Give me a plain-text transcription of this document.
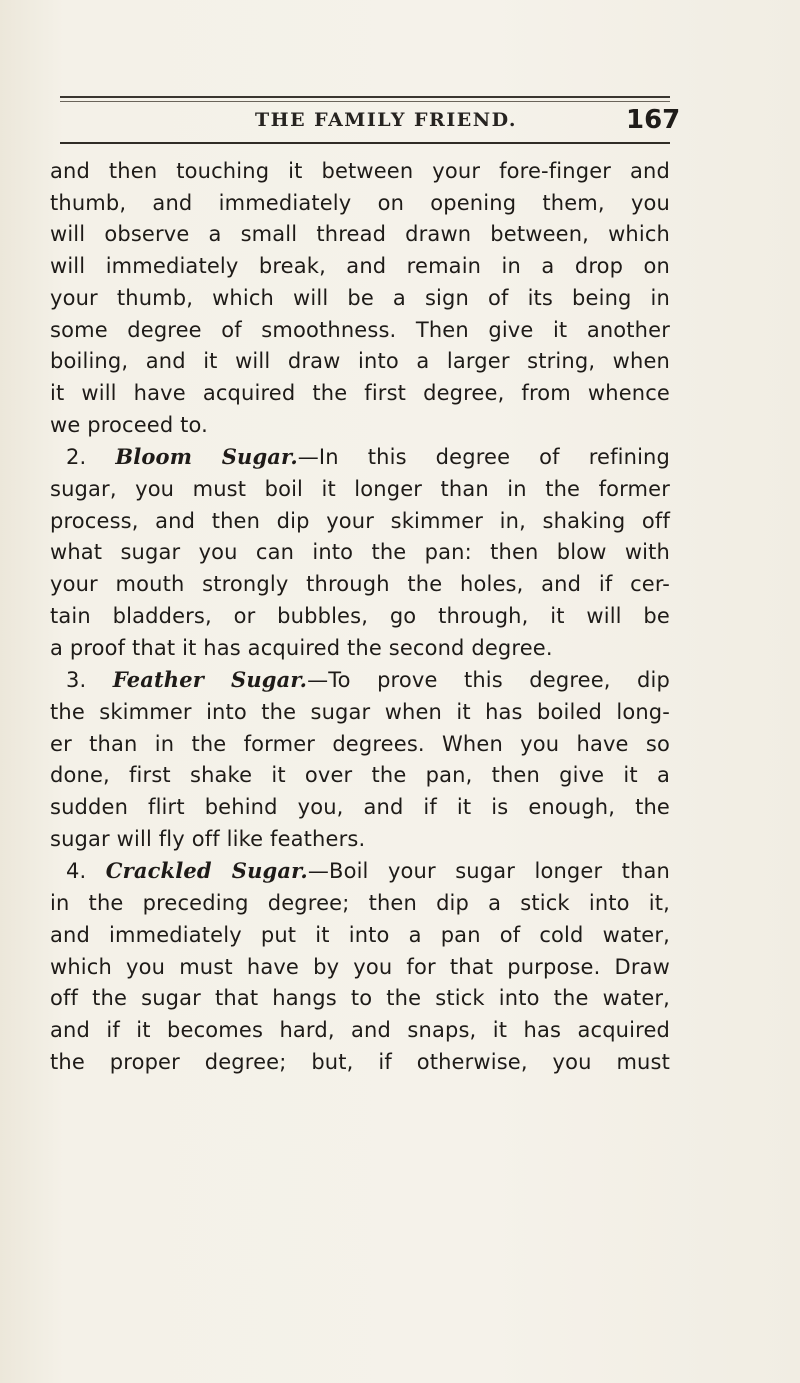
THE FAMILY FRIEND.	167

and then touching it between your fore-finger and

thumb, and immediately on opening them, you

will observe a small thread drawn between, which

will immediately break, and remain in a drop on

your thumb, which will be a sign of its being in

some degree of smoothness. Then give it another

boiling, and it will draw into a larger string, when

it will have acquired the first degree, from whence

we proceed to.

2. Bloom Sugar.—In this degree of refining

sugar, you must boil it longer than in the former

process, and then dip your skimmer in, shaking off

what sugar you can into the pan: then blow with

your mouth strongly through the holes, and if cer-

tain bladders, or bubbles, go through, it will be

a proof that it has acquired the second degree.

3. Feather Sugar.—To prove this degree, dip

the skimmer into the sugar when it has boiled long-

er than in the former degrees. When you have so

done, first shake it over the pan, then give it a

sudden flirt behind you, and if it is enough, the

sugar will fly off like feathers.

4. Crackled Sugar.—Boil your sugar longer than

in the preceding degree; then dip a stick into it,

and immediately put it into a pan of cold water,

which you must have by you for that purpose. Draw

off the sugar that hangs to the stick into the water,

and if it becomes hard, and snaps, it has acquired

the proper degree; but, if otherwise, you must
